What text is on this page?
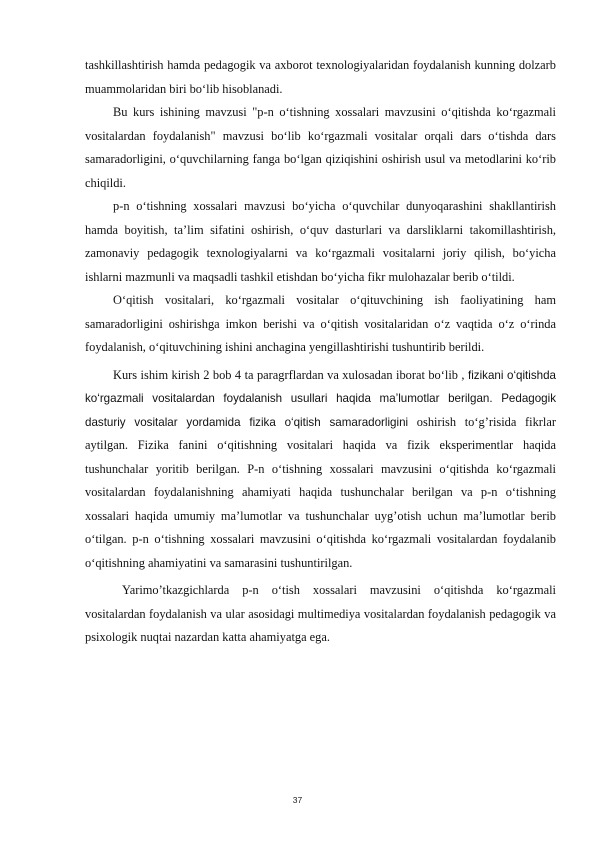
tashkillashtirish hamda pedagogik va axborot texnologiyalaridan foydalanish kunning dolzarb muammolaridan biri bo‘lib hisoblanadi.

Bu kurs ishining mavzusi "p-n o‘tishning xossalari mavzusini o‘qitishda ko‘rgazmali vositalardan foydalanish" mavzusi bo‘lib ko‘rgazmali vositalar orqali dars o‘tishda dars samaradorligini, o‘quvchilarning fanga bo‘lgan qiziqishini oshirish usul va metodlarini ko‘rib chiqildi.

p-n o‘tishning xossalari mavzusi bo‘yicha o‘quvchilar dunyoqarashini shakllantirish hamda boyitish, ta’lim sifatini oshirish, o‘quv dasturlari va darsliklarni takomillashtirish, zamonaviy pedagogik texnologiyalarni va ko‘rgazmali vositalarni joriy qilish, bo‘yicha ishlarni mazmunli va maqsadli tashkil etishdan bo‘yicha fikr mulohazalar berib o‘tildi.

O‘qitish vositalari, ko‘rgazmali vositalar o‘qituvchining ish faoliyatining ham samaradorligini oshirishga imkon berishi va o‘qitish vositalaridan o‘z vaqtida o‘z o‘rinda foydalanish, o‘qituvchining ishini anchagina yengillashtirishi tushuntirib berildi.

Kurs ishim kirish 2 bob 4 ta paragrflardan va xulosadan iborat bo‘lib , fizikani o‘qitishda ko‘rgazmali vositalardan foydalanish usullari haqida ma’lumotlar berilgan. Pedagogik dasturiy vositalar yordamida fizika o‘qitish samaradorligini oshirish to‘g’risida fikrlar aytilgan. Fizika fanini o‘qitishning vositalari haqida va fizik eksperimentlar haqida tushunchalar yoritib berilgan. P-n o‘tishning xossalari mavzusini o‘qitishda ko‘rgazmali vositalardan foydalanishning ahamiyati haqida tushunchalar berilgan va p-n o‘tishning xossalari haqida umumiy ma’lumotlar va tushunchalar uyg’otish uchun ma’lumotlar berib o‘tilgan. p-n o‘tishning xossalari mavzusini o‘qitishda ko‘rgazmali vositalardan foydalanib o‘qitishning ahamiyatini va samarasini tushuntirilgan.

Yarimo’tkazgichlarda p-n o‘tish xossalari mavzusini o‘qitishda ko‘rgazmali vositalardan foydalanish va ular asosidagi multimediya vositalardan foydalanish pedagogik va psixologik nuqtai nazardan katta ahamiyatga ega.

37
